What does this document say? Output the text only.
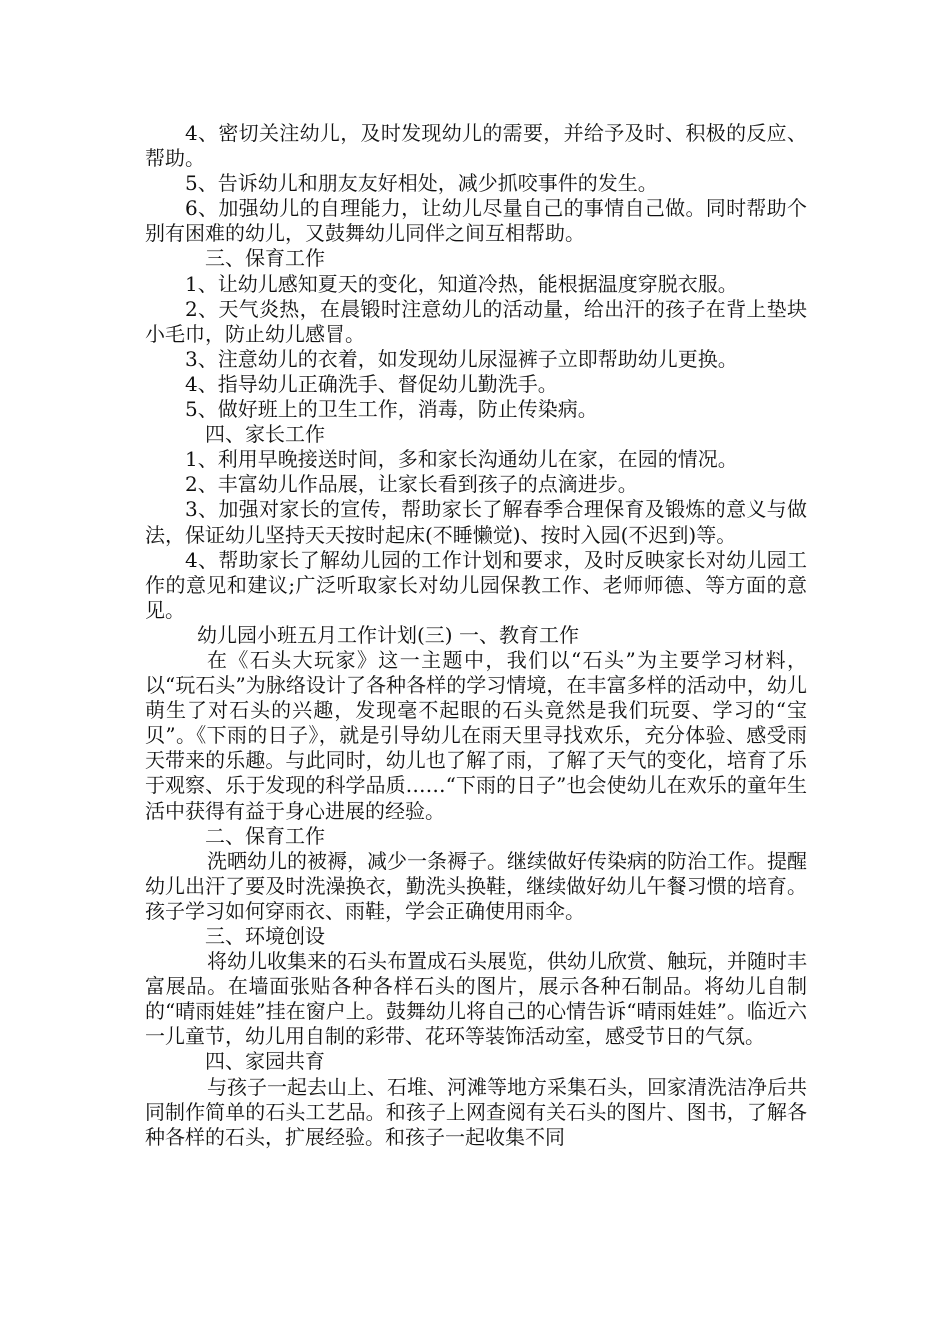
4、密切关注幼儿，及时发现幼儿的需要，并给予及时、积极的反应、帮助。

5、告诉幼儿和朋友友好相处，减少抓咬事件的发生。

6、加强幼儿的自理能力，让幼儿尽量自己的事情自己做。同时帮助个别有困难的幼儿，又鼓舞幼儿同伴之间互相帮助。

三、保育工作

1、让幼儿感知夏天的变化，知道冷热，能根据温度穿脱衣服。

2、天气炎热，在晨锻时注意幼儿的活动量，给出汗的孩子在背上垫块小毛巾，防止幼儿感冒。

3、注意幼儿的衣着，如发现幼儿尿湿裤子立即帮助幼儿更换。

4、指导幼儿正确洗手、督促幼儿勤洗手。

5、做好班上的卫生工作，消毒，防止传染病。

四、家长工作

1、利用早晚接送时间，多和家长沟通幼儿在家，在园的情况。

2、丰富幼儿作品展，让家长看到孩子的点滴进步。

3、加强对家长的宣传，帮助家长了解春季合理保育及锻炼的意义与做法，保证幼儿坚持天天按时起床(不睡懒觉)、按时入园(不迟到)等。

4、帮助家长了解幼儿园的工作计划和要求，及时反映家长对幼儿园工作的意见和建议;广泛听取家长对幼儿园保教工作、老师师德、等方面的意见。

幼儿园小班五月工作计划(三) 一、教育工作

在《石头大玩家》这一主题中，我们以“石头”为主要学习材料，以“玩石头”为脉络设计了各种各样的学习情境，在丰富多样的活动中，幼儿萌生了对石头的兴趣，发现毫不起眼的石头竟然是我们玩耍、学习的“宝贝”。《下雨的日子》，就是引导幼儿在雨天里寻找欢乐，充分体验、感受雨天带来的乐趣。与此同时，幼儿也了解了雨，了解了天气的变化，培育了乐于观察、乐于发现的科学品质……“下雨的日子”也会使幼儿在欢乐的童年生活中获得有益于身心进展的经验。

二、保育工作

洗晒幼儿的被褥，减少一条褥子。继续做好传染病的防治工作。提醒幼儿出汗了要及时洗澡换衣，勤洗头换鞋，继续做好幼儿午餐习惯的培育。孩子学习如何穿雨衣、雨鞋，学会正确使用雨伞。

三、环境创设

将幼儿收集来的石头布置成石头展览，供幼儿欣赏、触玩，并随时丰富展品。在墙面张贴各种各样石头的图片，展示各种石制品。将幼儿自制的“晴雨娃娃”挂在窗户上。鼓舞幼儿将自己的心情告诉“晴雨娃娃”。临近六一儿童节，幼儿用自制的彩带、花环等装饰活动室，感受节日的气氛。

四、家园共育

与孩子一起去山上、石堆、河滩等地方采集石头，回家清洗洁净后共同制作简单的石头工艺品。和孩子上网查阅有关石头的图片、图书，了解各种各样的石头，扩展经验。和孩子一起收集不同
